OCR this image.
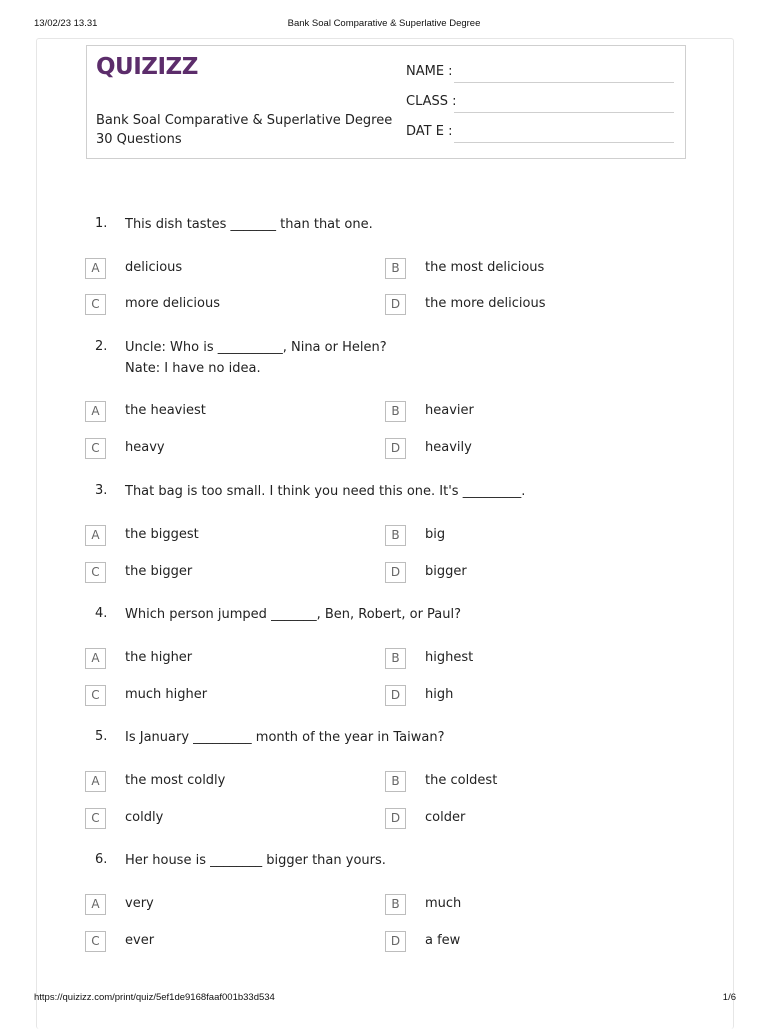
13/02/23 13.31	Bank Soal Comparative & Superlative Degree
QUIZIZZ
Bank Soal Comparative & Superlative Degree
30 Questions
NAME :
CLASS :
DAT E :
1. This dish tastes _______ than that one.
A	delicious	B	the most delicious
C	more delicious	D	the more delicious
2. Uncle: Who is __________, Nina or Helen?
Nate: I have no idea.
A	the heaviest	B	heavier
C	heavy	D	heavily
3. That bag is too small. I think you need this one. It's _________.
A	the biggest	B	big
C	the bigger	D	bigger
4. Which person jumped _______, Ben, Robert, or Paul?
A	the higher	B	highest
C	much higher	D	high
5. Is January _________ month of the year in Taiwan?
A	the most coldly	B	the coldest
C	coldly	D	colder
6. Her house is ________ bigger than yours.
A	very	B	much
C	ever	D	a few
https://quizizz.com/print/quiz/5ef1de9168faaf001b33d534	1/6
